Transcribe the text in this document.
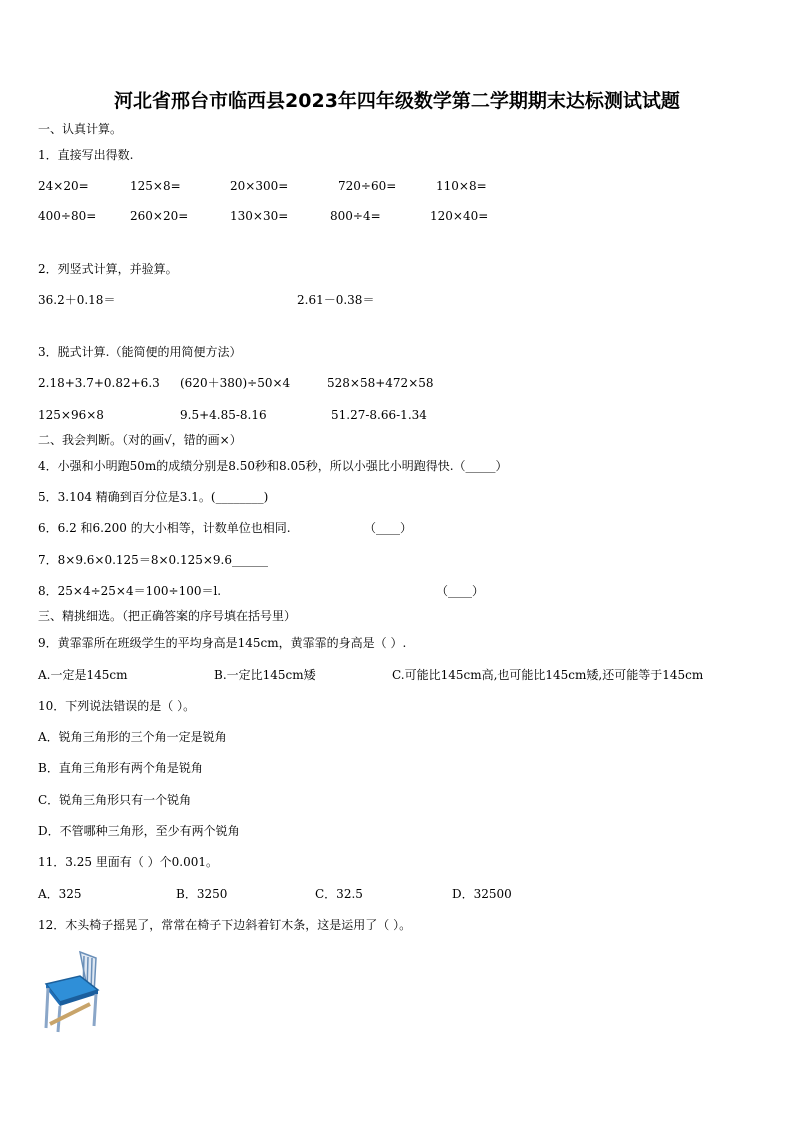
河北省邢台市临西县2023年四年级数学第二学期期末达标测试试题
一、认真计算。
1．直接写出得数.
24×20=	125×8=	20×300=	720÷60=	110×8=
400÷80=	260×20=	130×30=	800÷4=	120×40=
2．列竖式计算，并验算。
36.2＋0.18＝	2.61－0.38＝
3．脱式计算.（能简便的用简便方法）
2.18+3.7+0.82+6.3 (620＋380)÷50×4	528×58+472×58
125×96×8	9.5+4.85-8.16	51.27-8.66-1.34
二、我会判断。（对的画√，错的画×）
4．小强和小明跑50m的成绩分别是8.50秒和8.05秒，所以小强比小明跑得快.（_____）
5．3.104 精确到百分位是3.1。(________)
6．6.2 和6.200 的大小相等，计数单位也相同.	（____）
7．8×9.6×0.125＝8×0.125×9.6______
8．25×4÷25×4＝100÷100＝l.	（____）
三、精挑细选。（把正确答案的序号填在括号里）
9．黄霏霏所在班级学生的平均身高是145cm，黄霏霏的身高是（ ）.
A.一定是145cm	B.一定比145cm矮	C.可能比145cm高,也可能比145cm矮,还可能等于145cm
10．下列说法错误的是（ ）。
A．锐角三角形的三个角一定是锐角
B．直角三角形有两个角是锐角
C．锐角三角形只有一个锐角
D．不管哪种三角形，至少有两个锐角
11．3.25 里面有（ ）个0.001。
A．325	B．3250	C．32.5	D．32500
12．木头椅子摇晃了，常常在椅子下边斜着钉木条，这是运用了（ ）。
